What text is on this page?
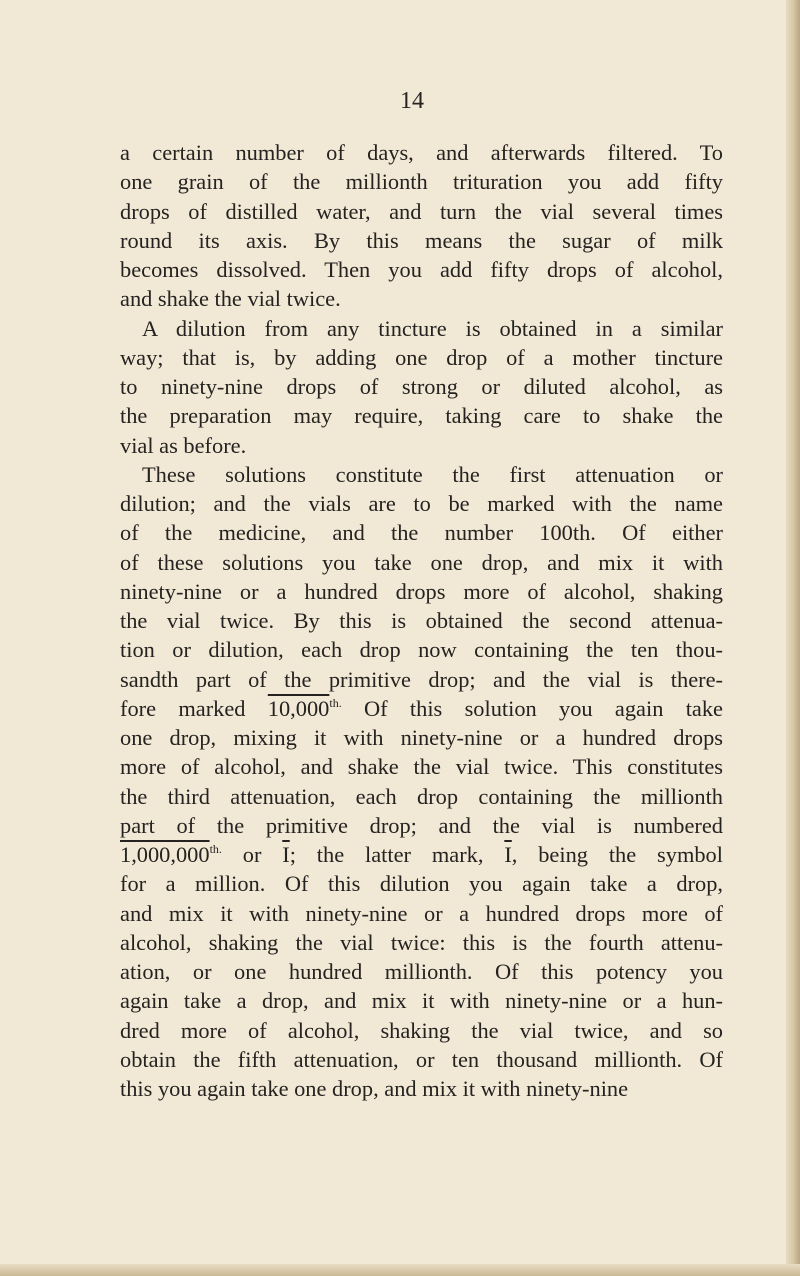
14
a certain number of days, and afterwards filtered. To
one grain of the millionth trituration you add fifty
drops of distilled water, and turn the vial several times
round its axis. By this means the sugar of milk
becomes dissolved. Then you add fifty drops of alcohol,
and shake the vial twice.
A dilution from any tincture is obtained in a similar
way; that is, by adding one drop of a mother tincture
to ninety-nine drops of strong or diluted alcohol, as
the preparation may require, taking care to shake the
vial as before.
These solutions constitute the first attenuation or
dilution; and the vials are to be marked with the name
of the medicine, and the number 100th. Of either
of these solutions you take one drop, and mix it with
ninety-nine or a hundred drops more of alcohol, shaking
the vial twice. By this is obtained the second attenua-
tion or dilution, each drop now containing the ten thou-
sandth part of the primitive drop; and the vial is there-
fore marked $10,000^{th.}$ Of this solution you again take
one drop, mixing it with ninety-nine or a hundred drops
more of alcohol, and shake the vial twice. This constitutes
the third attenuation, each drop containing the millionth
part of the primitive drop; and the vial is numbered
$1,000,000^{th.}$ or $\overline{I}$; the latter mark, $\overline{I}$, being the symbol
for a million. Of this dilution you again take a drop,
and mix it with ninety-nine or a hundred drops more of
alcohol, shaking the vial twice: this is the fourth attenu-
ation, or one hundred millionth. Of this potency you
again take a drop, and mix it with ninety-nine or a hun-
dred more of alcohol, shaking the vial twice, and so
obtain the fifth attenuation, or ten thousand millionth. Of
this you again take one drop, and mix it with ninety-nine
